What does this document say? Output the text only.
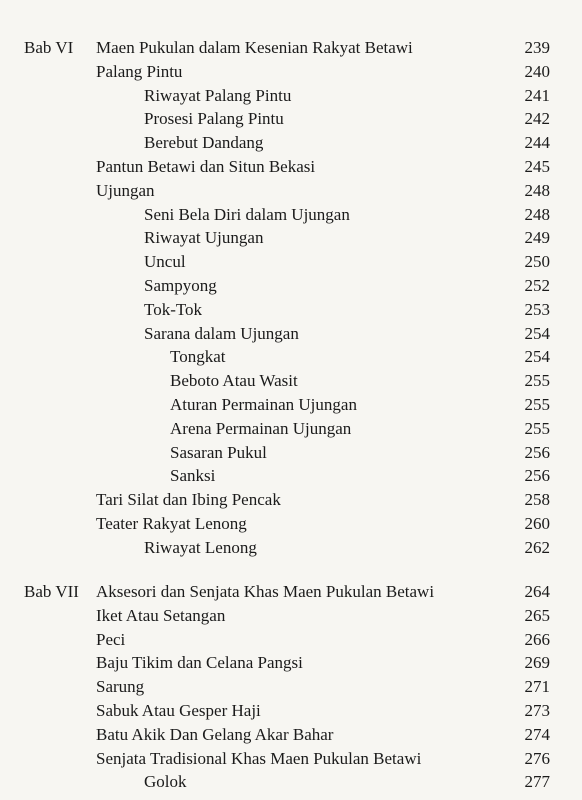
Bab VI Maen Pukulan dalam Kesenian Rakyat Betawi	239
Palang Pintu	240
Riwayat Palang Pintu	241
Prosesi Palang Pintu	242
Berebut Dandang	244
Pantun Betawi dan Situn Bekasi	245
Ujungan	248
Seni Bela Diri dalam Ujungan	248
Riwayat Ujungan	249
Uncul	250
Sampyong	252
Tok-Tok	253
Sarana dalam Ujungan	254
Tongkat	254
Beboto Atau Wasit	255
Aturan Permainan Ujungan	255
Arena Permainan Ujungan	255
Sasaran Pukul	256
Sanksi	256
Tari Silat dan Ibing Pencak	258
Teater Rakyat Lenong	260
Riwayat Lenong	262
Bab VII Aksesori dan Senjata Khas Maen Pukulan Betawi	264
Iket Atau Setangan	265
Peci	266
Baju Tikim dan Celana Pangsi	269
Sarung	271
Sabuk Atau Gesper Haji	273
Batu Akik Dan Gelang Akar Bahar	274
Senjata Tradisional Khas Maen Pukulan Betawi	276
Golok	277
